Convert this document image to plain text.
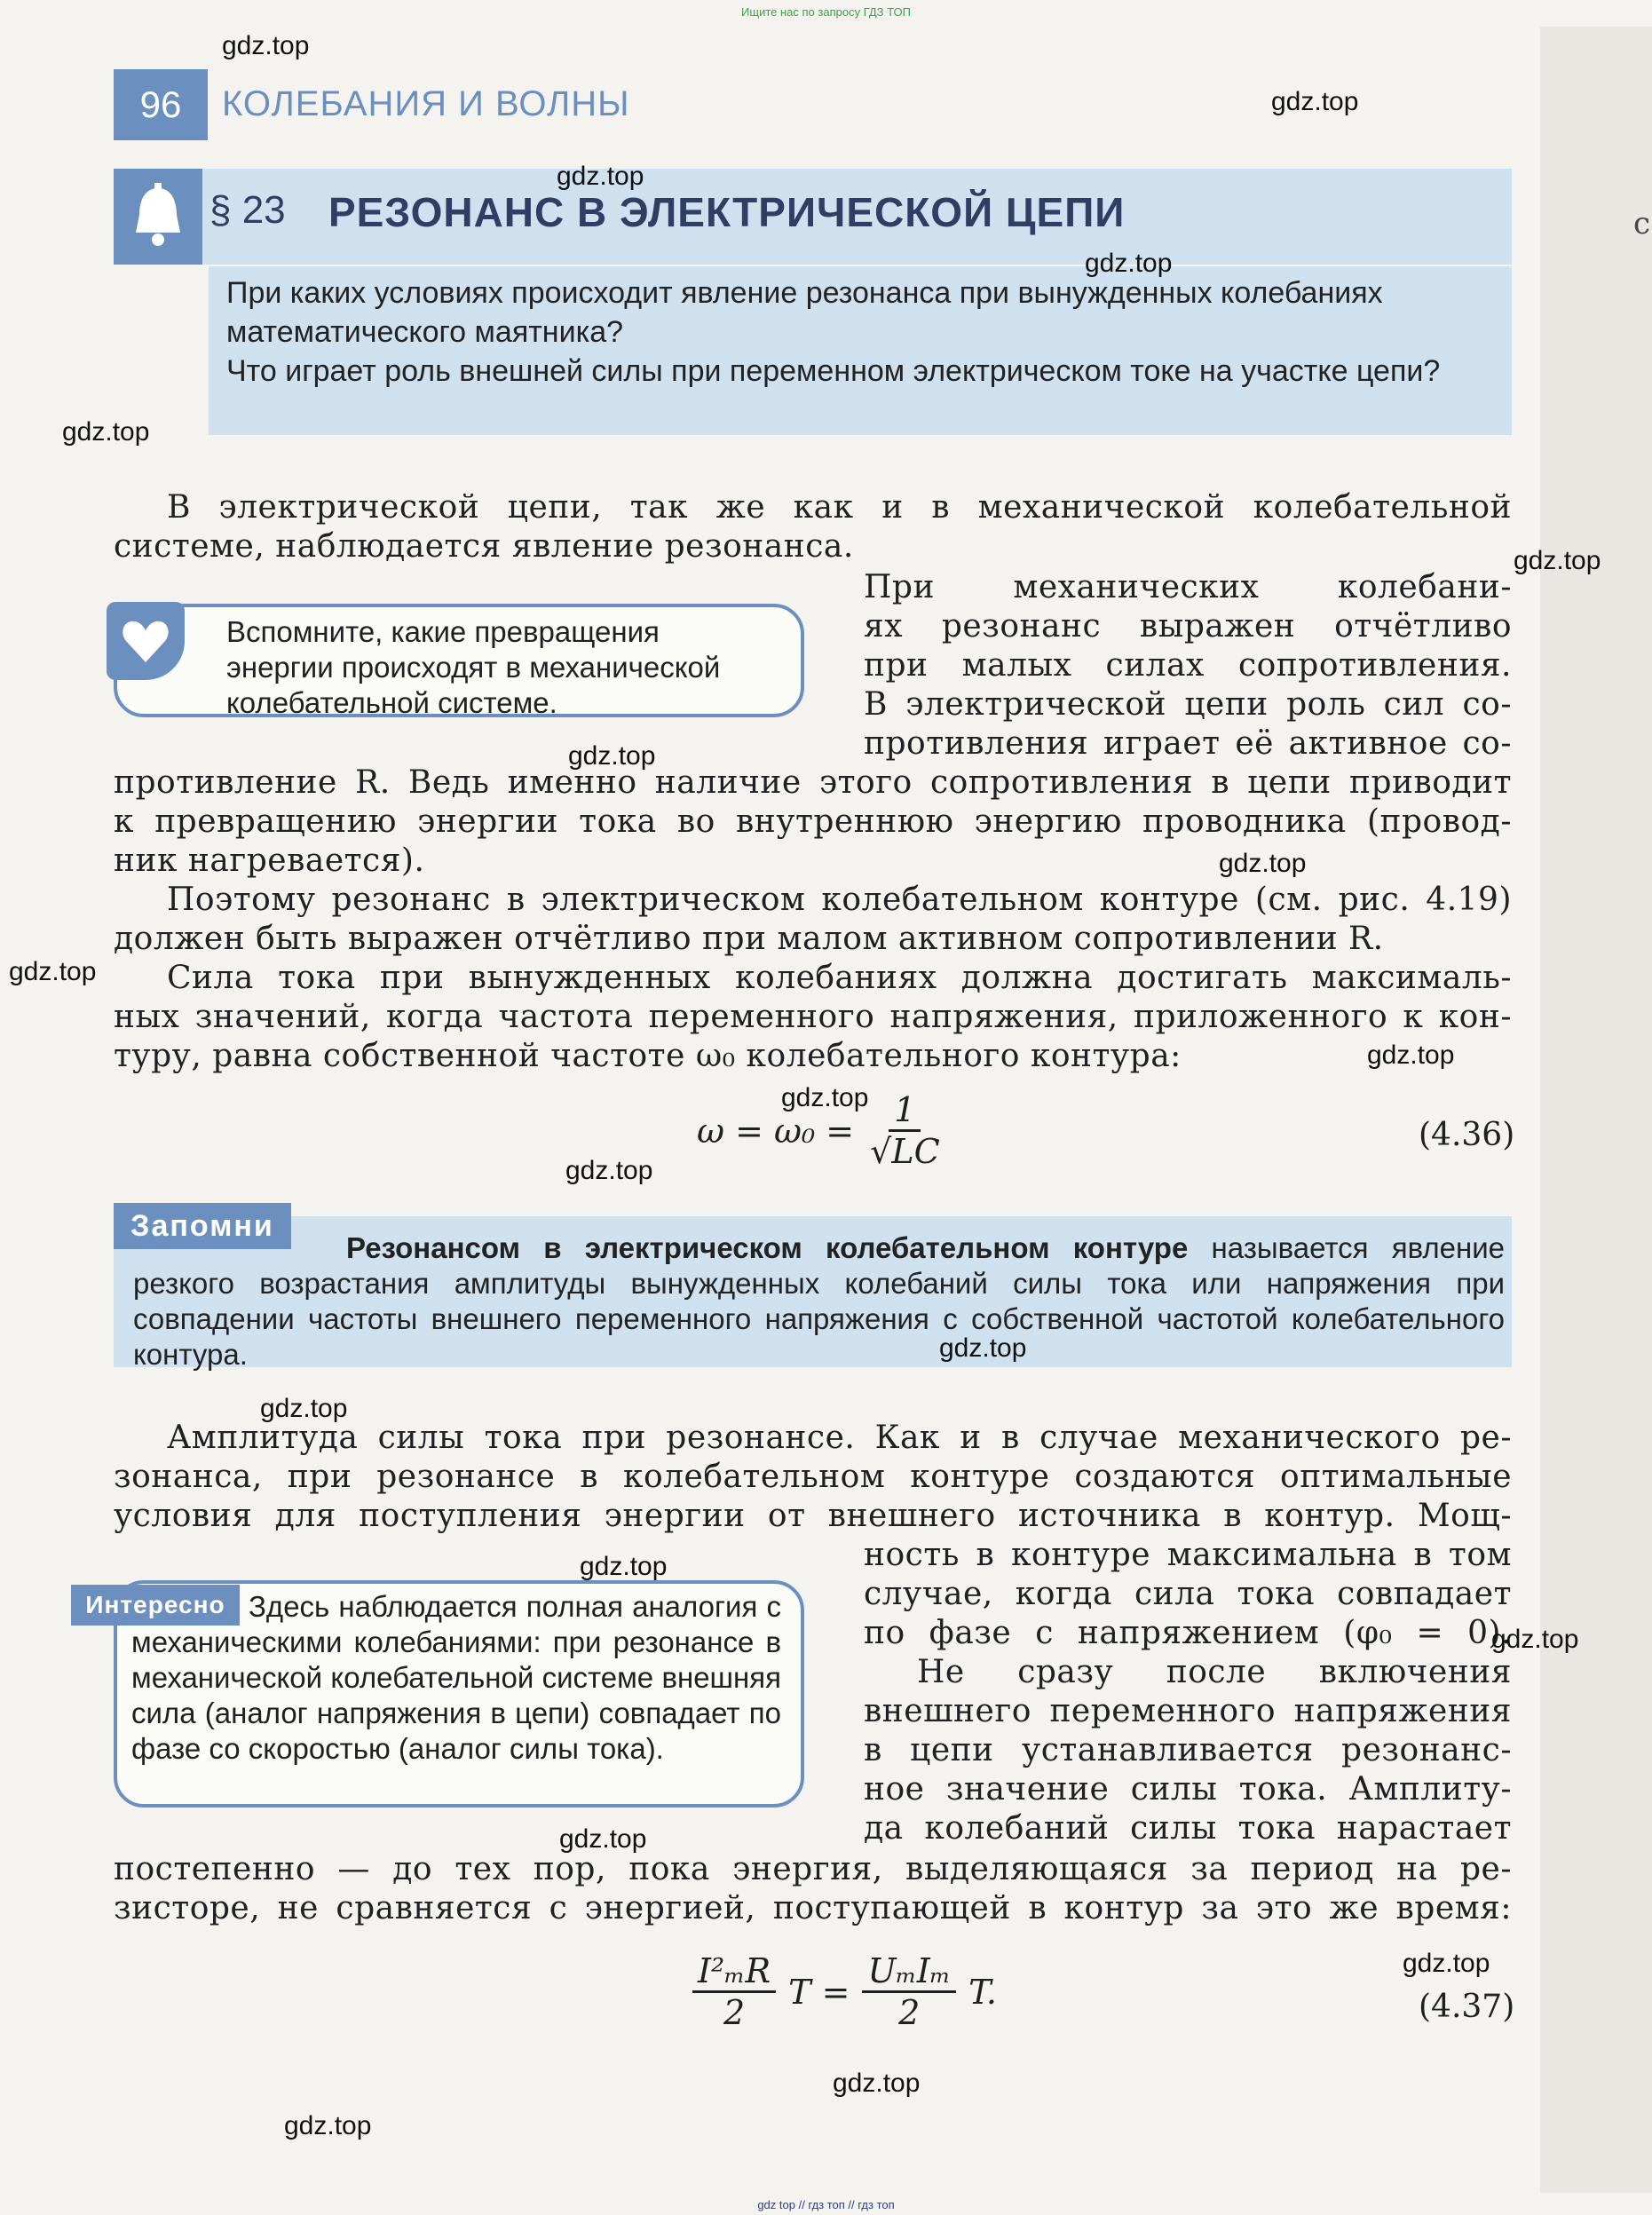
Ищите нас по запросу ГДЗ ТОП
96	КОЛЕБАНИЯ И ВОЛНЫ
§ 23 РЕЗОНАНС В ЭЛЕКТРИЧЕСКОЙ ЦЕПИ
При каких условиях происходит явление резонанса при вынужденных колебаниях математического маятника?
Что играет роль внешней силы при переменном электрическом токе на участке цепи?
В электрической цепи, так же как и в механической колебательной системе, наблюдается явление резонанса.
Вспомните, какие превращения энергии происходят в механической колебательной системе.
При механических колебани-
ях резонанс выражен отчётливо
при малых силах сопротивления.
В электрической цепи роль сил со-
противления играет её активное со-
противление R. Ведь именно наличие этого сопротивления в цепи приводит
к превращению энергии тока во внутреннюю энергию проводника (провод-
ник нагревается).
Поэтому резонанс в электрическом колебательном контуре (см. рис. 4.19)
должен быть выражен отчётливо при малом активном сопротивлении R.
Сила тока при вынужденных колебаниях должна достигать максималь-
ных значений, когда частота переменного напряжения, приложенного к кон-
туру, равна собственной частоте ω₀ колебательного контура:
$\omega = \omega_0 = \frac{1}{√LC}$	(4.36)
Запомни
Резонансом в электрическом колебательном контуре называется явление резкого возрастания амплитуды вынужденных колебаний силы тока или напряжения при совпадении частоты внешнего переменного напряжения с собственной частотой колебательного контура.
Амплитуда силы тока при резонансе. Как и в случае механического ре-
зонанса, при резонансе в колебательном контуре создаются оптимальные
условия для поступления энергии от внешнего источника в контур. Мощ-
Интересно Здесь наблюдается полная аналогия с механическими колебаниями: при резонансе в механической колебательной системе внешняя сила (аналог напряжения в цепи) совпадает по фазе со скоростью (аналог силы тока).
ность в контуре максимальна в том
случае, когда сила тока совпадает
по фазе с напряжением (φ₀ = 0).
Не сразу после включения
внешнего переменного напряжения
в цепи устанавливается резонанс-
ное значение силы тока. Амплиту-
да колебаний силы тока нарастает
постепенно — до тех пор, пока энергия, выделяющаяся за период на ре-
зисторе, не сравняется с энергией, поступающей в контур за это же время:
$\frac{\text{I²ₘR}}{2}$ $T = \frac{\text{UₘIₘ}}{2} T$.	(4.37)
с
gdz.top
gdz.top
gdz.top
gdz.top
gdz.top
gdz.top
gdz.top
gdz.top
gdz.top
gdz.top
gdz.top
gdz.top
gdz.top
gdz.top
gdz.top
gdz.top
gdz.top
gdz.top
gdz.top
gdz.top
gdz top // гдз топ // гдз топ
